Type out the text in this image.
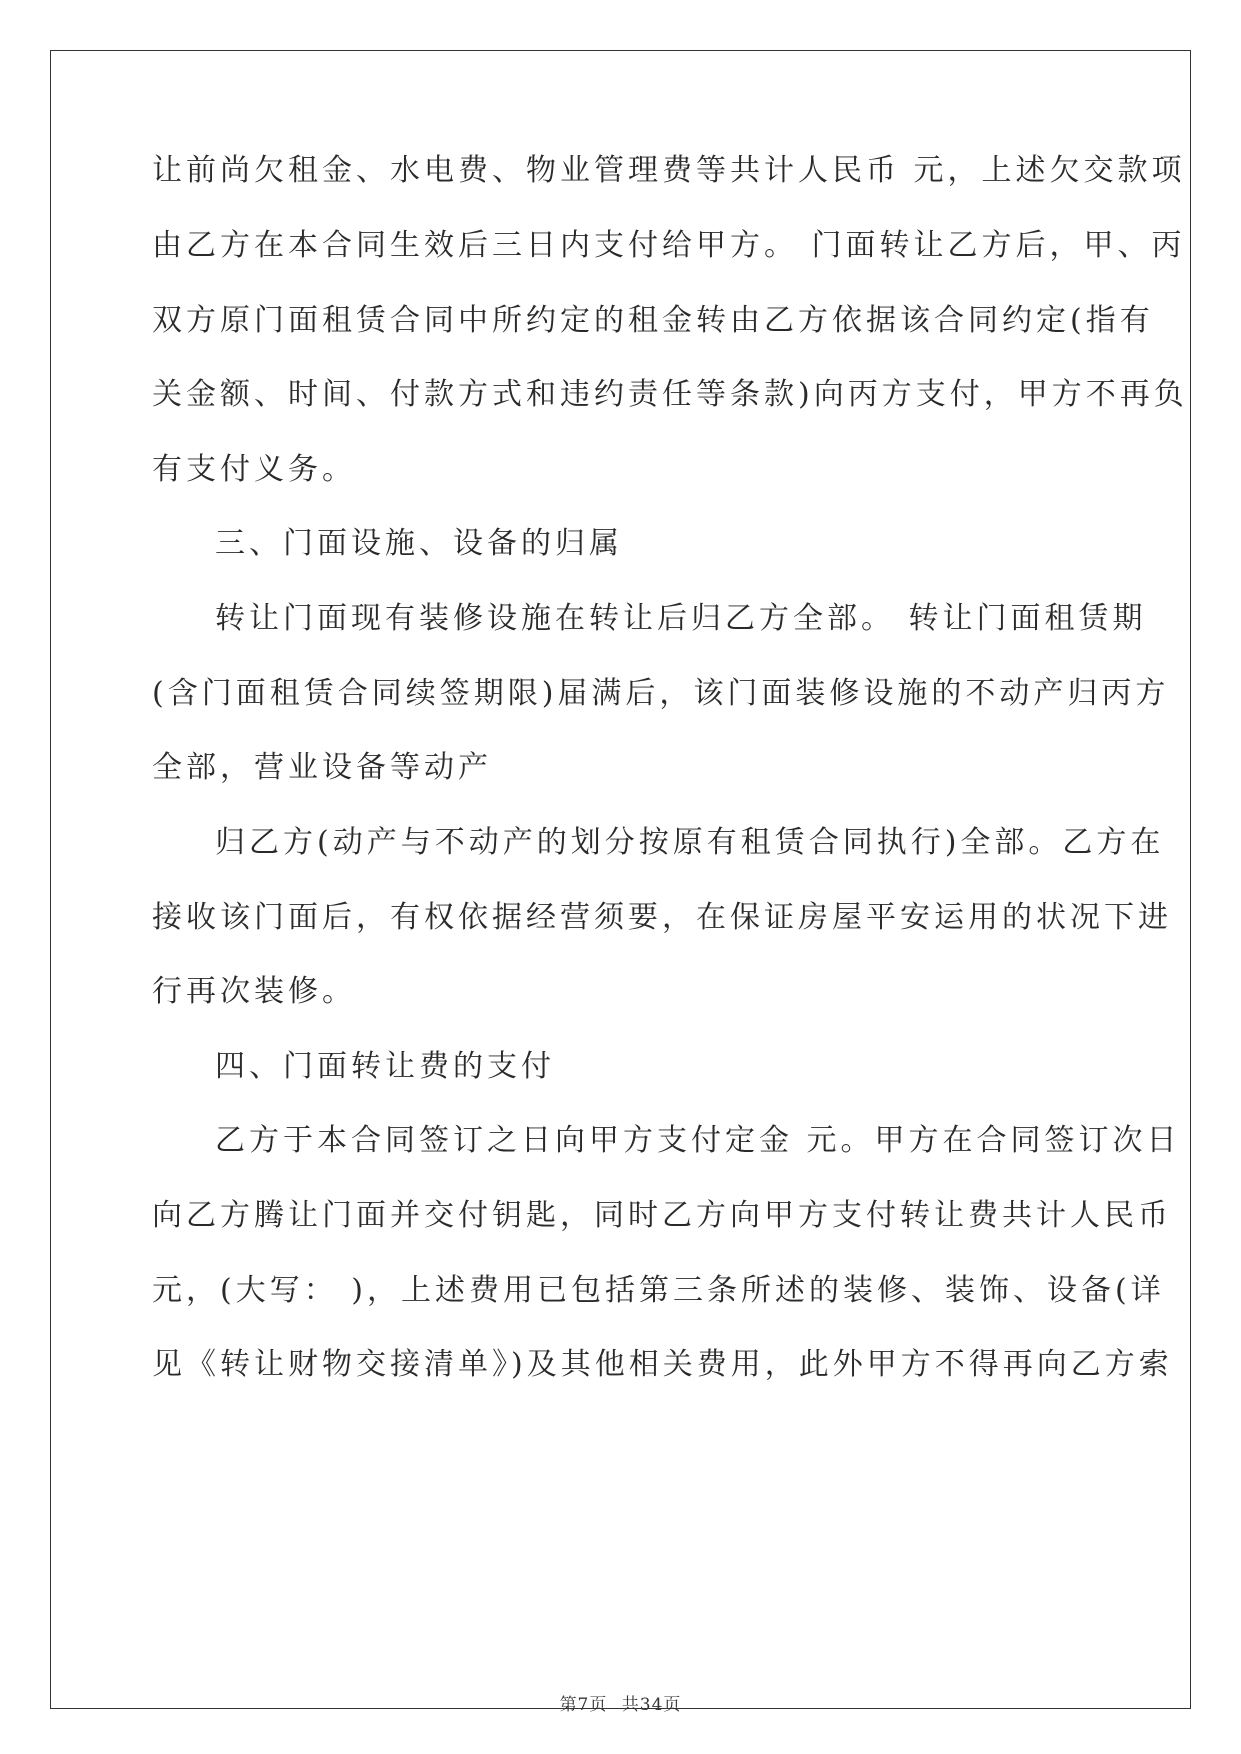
让前尚欠租金、水电费、物业管理费等共计人民币 元，上述欠交款项

由乙方在本合同生效后三日内支付给甲方。 门面转让乙方后，甲、丙

双方原门面租赁合同中所约定的租金转由乙方依据该合同约定(指有

关金额、时间、付款方式和违约责任等条款)向丙方支付，甲方不再负

有支付义务。

三、门面设施、设备的归属

转让门面现有装修设施在转让后归乙方全部。 转让门面租赁期

(含门面租赁合同续签期限)届满后，该门面装修设施的不动产归丙方

全部，营业设备等动产

归乙方(动产与不动产的划分按原有租赁合同执行)全部。乙方在

接收该门面后，有权依据经营须要，在保证房屋平安运用的状况下进

行再次装修。

四、门面转让费的支付

乙方于本合同签订之日向甲方支付定金 元。甲方在合同签订次日

向乙方腾让门面并交付钥匙，同时乙方向甲方支付转让费共计人民币

元，(大写： )，上述费用已包括第三条所述的装修、装饰、设备(详

见《转让财物交接清单》)及其他相关费用，此外甲方不得再向乙方索

第7页 共34页
